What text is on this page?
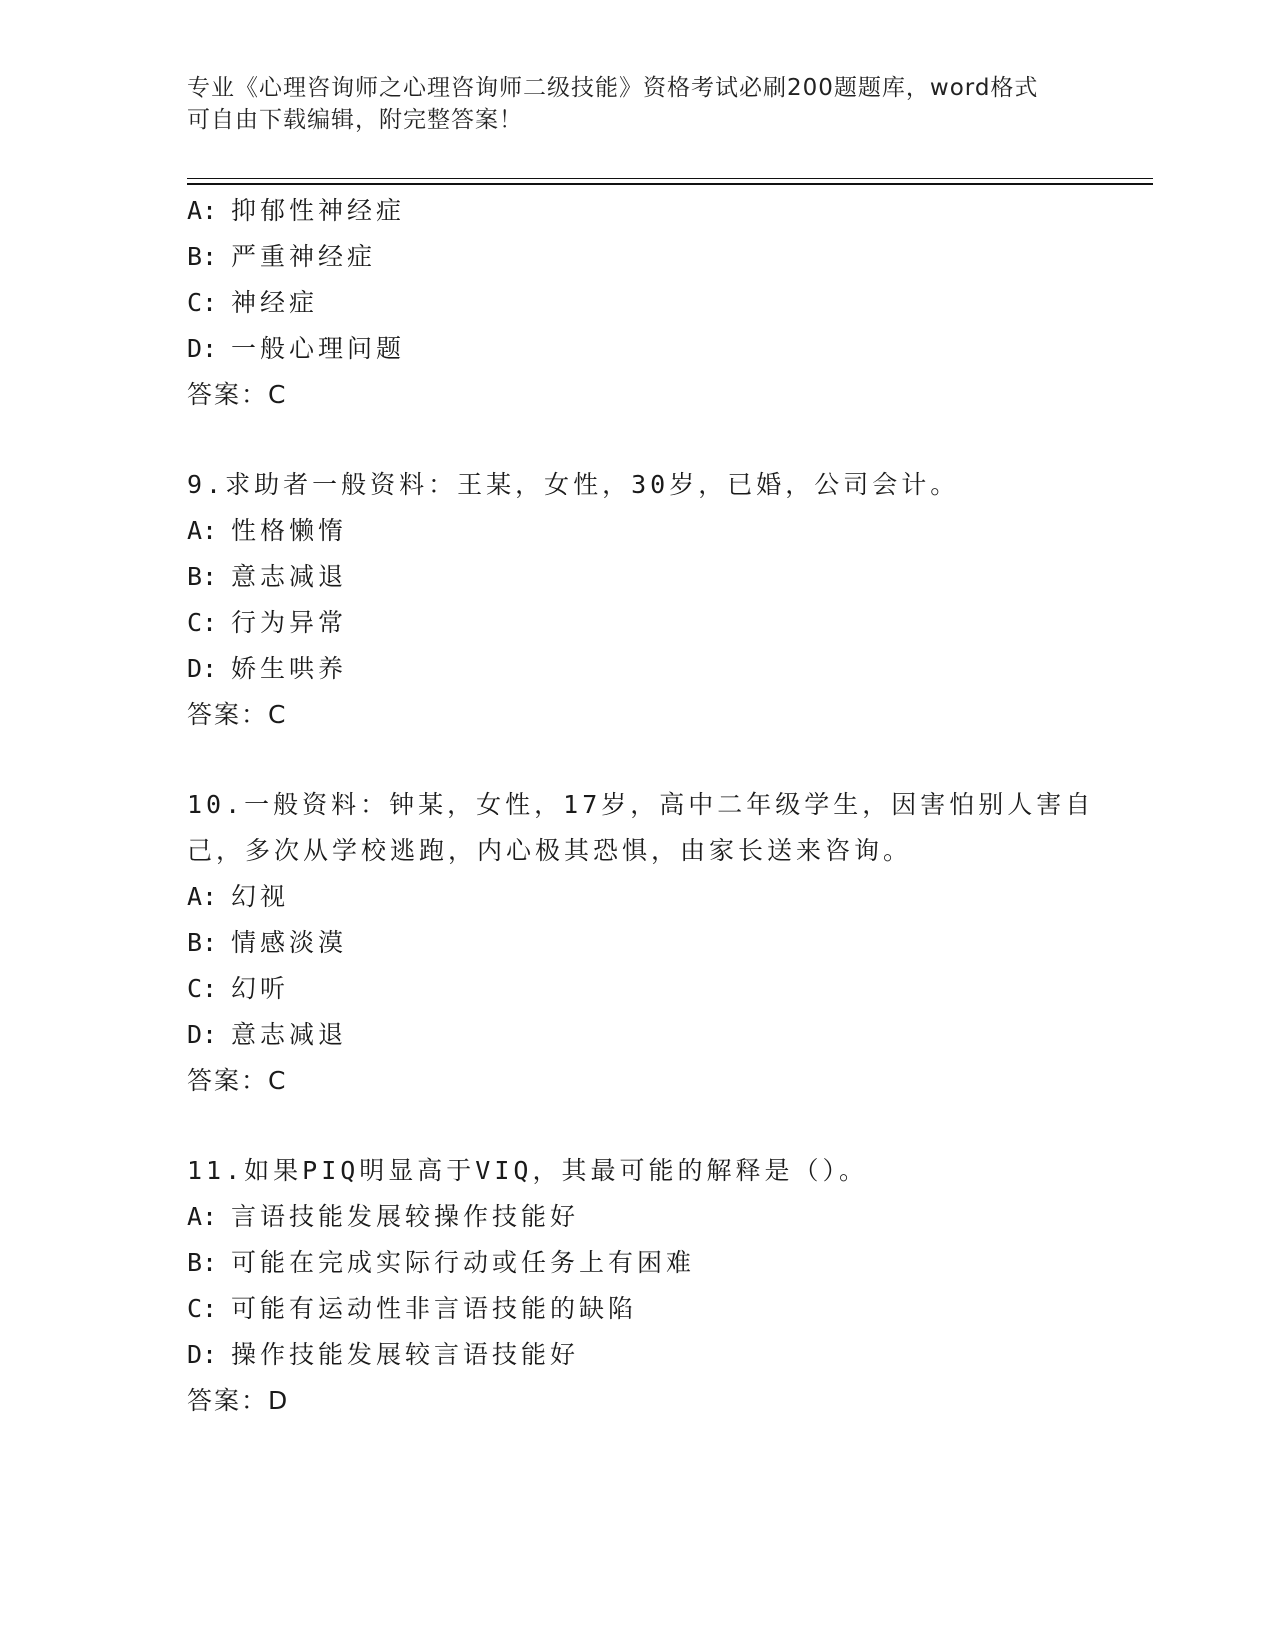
专业《心理咨询师之心理咨询师二级技能》资格考试必刷200题题库，word格式
可自由下载编辑，附完整答案！
A: 抑郁性神经症
B: 严重神经症
C: 神经症
D: 一般心理问题
答案：C
9.求助者一般资料：王某，女性，30岁，已婚，公司会计。
A: 性格懒惰
B: 意志减退
C: 行为异常
D: 娇生哄养
答案：C
10.一般资料：钟某，女性，17岁，高中二年级学生，因害怕别人害自
己，多次从学校逃跑，内心极其恐惧，由家长送来咨询。
A: 幻视
B: 情感淡漠
C: 幻听
D: 意志减退
答案：C
11.如果PIQ明显高于VIQ，其最可能的解释是（）。
A: 言语技能发展较操作技能好
B: 可能在完成实际行动或任务上有困难
C: 可能有运动性非言语技能的缺陷
D: 操作技能发展较言语技能好
答案：D
